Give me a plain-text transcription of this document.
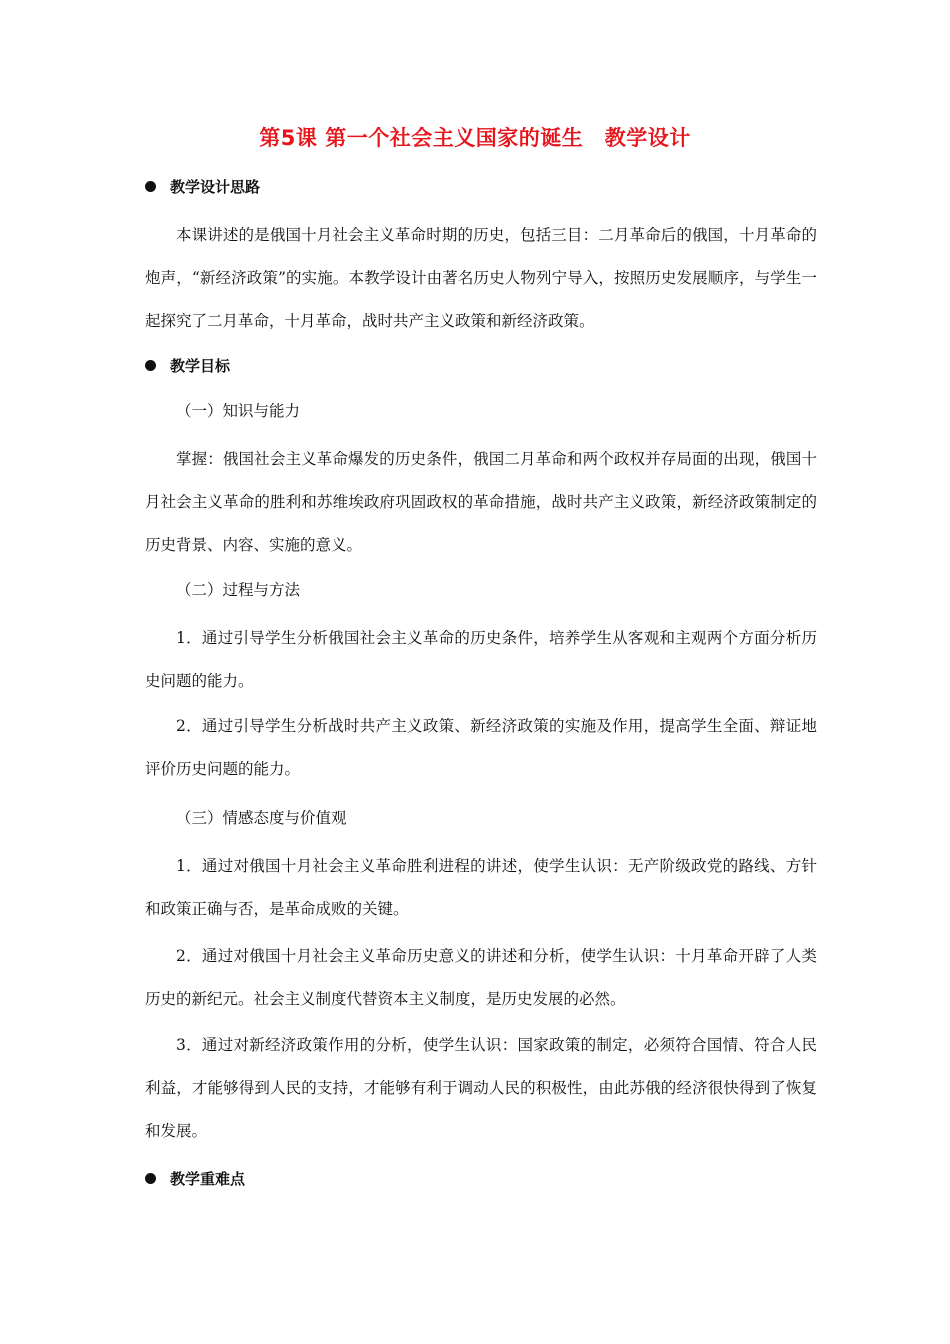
第5课 第一个社会主义国家的诞生　教学设计
教学设计思路
本课讲述的是俄国十月社会主义革命时期的历史，包括三目：二月革命后的俄国，十月革命的炮声，“新经济政策”的实施。本教学设计由著名历史人物列宁导入，按照历史发展顺序，与学生一起探究了二月革命，十月革命，战时共产主义政策和新经济政策。
教学目标
（一）知识与能力
掌握：俄国社会主义革命爆发的历史条件，俄国二月革命和两个政权并存局面的出现，俄国十月社会主义革命的胜利和苏维埃政府巩固政权的革命措施，战时共产主义政策，新经济政策制定的历史背景、内容、实施的意义。
（二）过程与方法
1．通过引导学生分析俄国社会主义革命的历史条件，培养学生从客观和主观两个方面分析历史问题的能力。
2．通过引导学生分析战时共产主义政策、新经济政策的实施及作用，提高学生全面、辩证地评价历史问题的能力。
（三）情感态度与价值观
1．通过对俄国十月社会主义革命胜利进程的讲述，使学生认识：无产阶级政党的路线、方针和政策正确与否，是革命成败的关键。
2．通过对俄国十月社会主义革命历史意义的讲述和分析，使学生认识：十月革命开辟了人类历史的新纪元。社会主义制度代替资本主义制度，是历史发展的必然。
3．通过对新经济政策作用的分析，使学生认识：国家政策的制定，必须符合国情、符合人民利益，才能够得到人民的支持，才能够有利于调动人民的积极性，由此苏俄的经济很快得到了恢复和发展。
教学重难点
